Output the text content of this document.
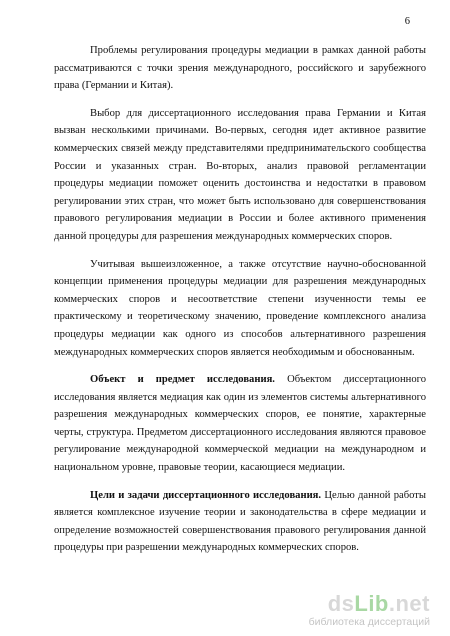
6

Проблемы регулирования процедуры медиации в рамках данной работы рассматриваются с точки зрения международного, российского и зарубежного права (Германии и Китая).

Выбор для диссертационного исследования права Германии и Китая вызван несколькими причинами. Во-первых, сегодня идет активное развитие коммерческих связей между представителями предпринимательского сообщества России и указанных стран. Во-вторых, анализ правовой регламентации процедуры медиации поможет оценить достоинства и недостатки в правовом регулировании этих стран, что может быть использовано для совершенствования правового регулирования медиации в России и более активного применения данной процедуры для разрешения международных коммерческих споров.

Учитывая вышеизложенное, а также отсутствие научно-обоснованной концепции применения процедуры медиации для разрешения международных коммерческих споров и несоответствие степени изученности темы ее практическому и теоретическому значению, проведение комплексного анализа процедуры медиации как одного из способов альтернативного разрешения международных коммерческих споров является необходимым и обоснованным.

Объект и предмет исследования. Объектом диссертационного исследования является медиация как один из элементов системы альтернативного разрешения международных коммерческих споров, ее понятие, характерные черты, структура. Предметом диссертационного исследования являются правовое регулирование международной коммерческой медиации на международном и национальном уровне, правовые теории, касающиеся медиации.

Цели и задачи диссертационного исследования. Целью данной работы является комплексное изучение теории и законодательства в сфере медиации и определение возможностей совершенствования правового регулирования данной процедуры при разрешении международных коммерческих споров.

dsLib.net
библиотека диссертаций
